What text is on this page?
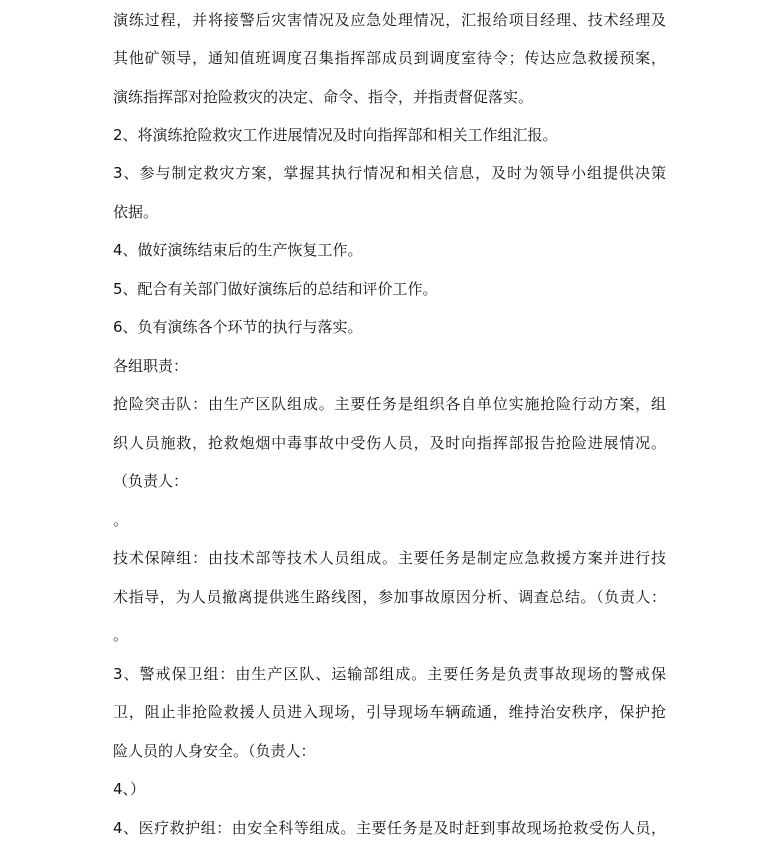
演练过程，并将接警后灾害情况及应急处理情况，汇报给项目经理、技术经理及
其他矿领导，通知值班调度召集指挥部成员到调度室待令；传达应急救援预案，
演练指挥部对抢险救灾的决定、命令、指令，并指责督促落实。
2、将演练抢险救灾工作进展情况及时向指挥部和相关工作组汇报。
3、参与制定救灾方案，掌握其执行情况和相关信息，及时为领导小组提供决策
依据。
4、做好演练结束后的生产恢复工作。
5、配合有关部门做好演练后的总结和评价工作。
6、负有演练各个环节的执行与落实。
各组职责：
抢险突击队：由生产区队组成。主要任务是组织各自单位实施抢险行动方案，组
织人员施救，抢救炮烟中毒事故中受伤人员，及时向指挥部报告抢险进展情况。
（负责人：
。
技术保障组：由技术部等技术人员组成。主要任务是制定应急救援方案并进行技
术指导，为人员撤离提供逃生路线图，参加事故原因分析、调查总结。（负责人：
。
3、警戒保卫组：由生产区队、运输部组成。主要任务是负责事故现场的警戒保
卫，阻止非抢险救援人员进入现场，引导现场车辆疏通，维持治安秩序，保护抢
险人员的人身安全。（负责人：
4、）
4、医疗救护组：由安全科等组成。主要任务是及时赶到事故现场抢救受伤人员，
